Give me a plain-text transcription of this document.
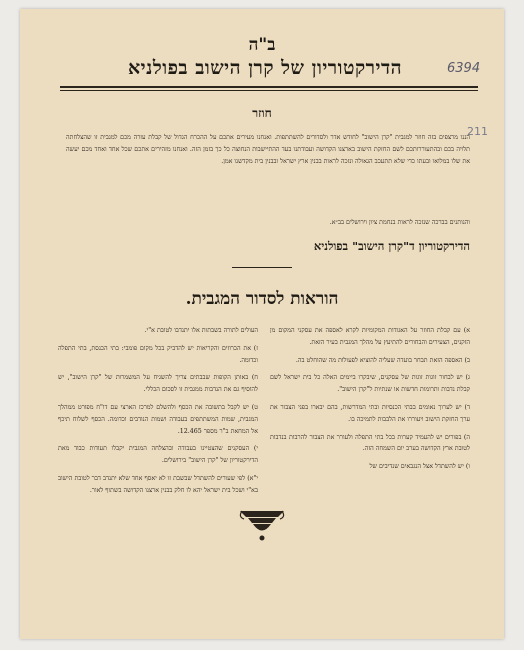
6394
211
ב"ה
הדירקטוריון של קרן הישוב בפולניא
חוזר
הננו מרצפים בזה חוזר למגבית "קרן הישוב" לחודש אדר ולסדורים להשתתפות. ואנחנו מעירים אתכם על ההכרח הגדול של קבלת עזרה מכם למגבית זו שהצלחתה תלויה בכם ובהתעוררותכם לשם החזקת הישוב בארצנו הקדושה ועבודתנו בעד ההתיישבות הנחוצה כל כך בזמן הזה. ואנחנו מזהירים אתכם שכל אחד ואחד מכם יעשה את שלו במלואו ובעתו כדי שלא תתעכב הגאולה ונזכה לראות בבנין ארץ ישראל ובבנין בית מקדשנו אמן.
והנותנים בברכה שנזכה לראות בנחמת ציון וירושלים בב״א.
הדירקטוריון ד"קרן הישוב" בפולניא
הוראות לסדור המגבית.
א) עם קבלת החוזר על האגודות המקומיות לקרא לאספה את עסקני המקום מן הזקנים, הצעירים והבחורים להתיעץ על מהלך המגבית בעיר הזאת.
ב) האספה הזאת תבחר בועדה שעליה להוציא לפעולות מה שהוחלט בה.
ג) יש לבחור זוגות זוגות של עסקנים, שיבקרו ביימים האלה כל בית ישראל לשם קבלת נדבות ותרומות חדשות או שנתיות ל"קרן הישוב".
ד) יש לערוך נאומים בבתי הכנסיות ובתי המדרשות, בהם יבארו בפני הצבור את ערך החזקת הישוב ויעוררו את הלבבות לתמיכה בו.
ה) בפורים יש להעמיד קערות בכל בתי התפלה ולעורר את הצבור להרבות בנדבות לטובת ארץ הקדושה בערב יום השמחה הזה.
ו) יש להשתדל אצל הנגבאים שנדיבים של
העולים לתורה בשבתות אלו יתנדבו לטובת א"י.
ז) את הכרוזים והקריאות יש להדביק בכל מקום פומבי: בתי הכנסת, בתי התפלה וכדומה.
ח) באותן הקופות שבבתים צריך להשגיח על המשמרות של "קרן הישוב", יש להוסיף גם את הנדבות ממגבית זו לסכום הכללי.
ט) יש לקבל בתשובה את הכסף ולהשלם למרכז הארצי עם דו"ח מפורט ממהלך המגבית, שמות המשתתפים בעבודה ושמות הנודבים וכדומה. הכסף לשלוח תיכף אל המחאת ב"ר מספר 12.465.
י) העסקנים שהצטיינו בעבודה ובהצלחה המגבית יקבלו תעודות כבוד מאת הדירקטוריון של "קרן הישוב" בירושלים.
י"א) לפי שעורים להשתדל שבשבת זו לא יאסף אחד שלא יתנדב דבר לטובת הישוב בא"י ושכל בית ישראל יהא לו חלק בבנין ארצנו הקדושה בשתוף לאור.
